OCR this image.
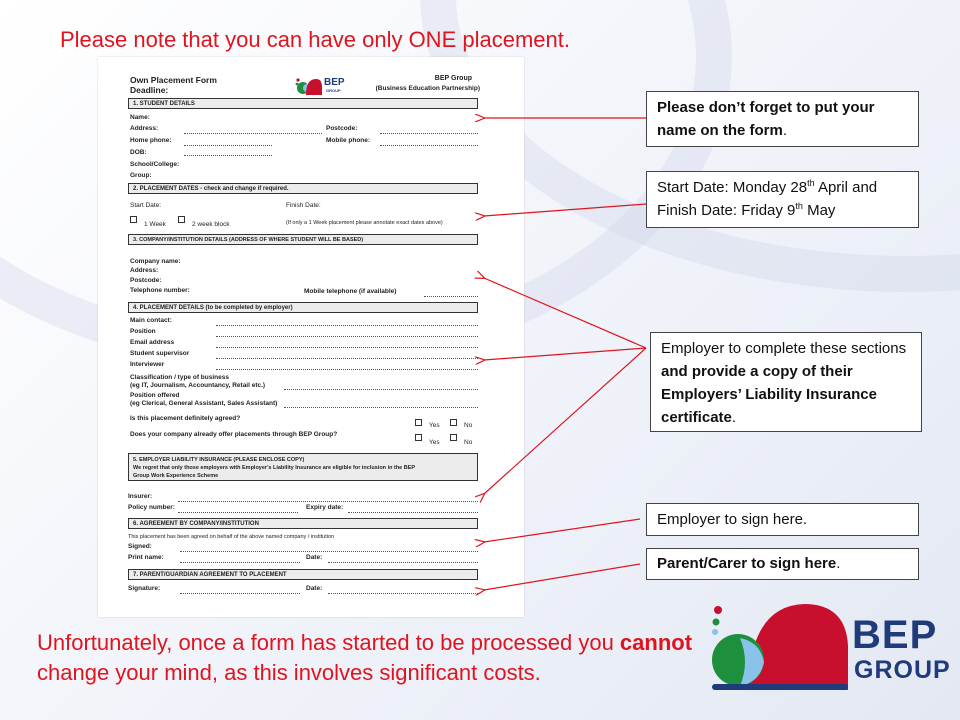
Please note that you can have only ONE placement.
Own Placement Form
Deadline:
BEP
GROUP
BEP Group
(Business Education Partnership)
1. STUDENT DETAILS
Name:
Address:	Postcode:
Home phone:	Mobile phone:
DOB:
School/College:
Group:
2. PLACEMENT DATES - check and change if required.
Start Date:	Finish Date:
1 Week	2 week block	(If only a 1 Week placement please annotate exact dates above)
3. COMPANY/INSTITUTION DETAILS (ADDRESS OF WHERE STUDENT WILL BE BASED)
Company name:
Address:
Postcode:
Telephone number:	Mobile telephone (if available)
4. PLACEMENT DETAILS (to be completed by employer)
Main contact:
Position
Email address
Student supervisor
Interviewer
Classification / type of business
(eg IT, Journalism, Accountancy, Retail etc.)
Position offered
(eg Clerical, General Assistant, Sales Assistant)
Is this placement definitely agreed?
Yes	No
Does your company already offer placements through BEP Group?
Yes	No
5. EMPLOYER LIABILITY INSURANCE (PLEASE ENCLOSE COPY)
We regret that only those employers with Employer's Liability Insurance are eligible for inclusion in the BEP
Group Work Experience Scheme
Insurer:
Policy number:	Expiry date:
6. AGREEMENT BY COMPANY/INSTITUTION
This placement has been agreed on behalf of the above named company / institution
Signed:
Print name:	Date:
7. PARENT/GUARDIAN AGREEMENT TO PLACEMENT
Signature:	Date:
Please don’t forget to put your name on the form.
Start Date: Monday 28th April and Finish Date: Friday 9th May
Employer to complete these sections and provide a copy of their Employers’ Liability Insurance certificate.
Employer to sign here.
Parent/Carer to sign here.
Unfortunately, once a form has started to be processed you cannot change your mind, as this involves significant costs.
BEP
GROUP
